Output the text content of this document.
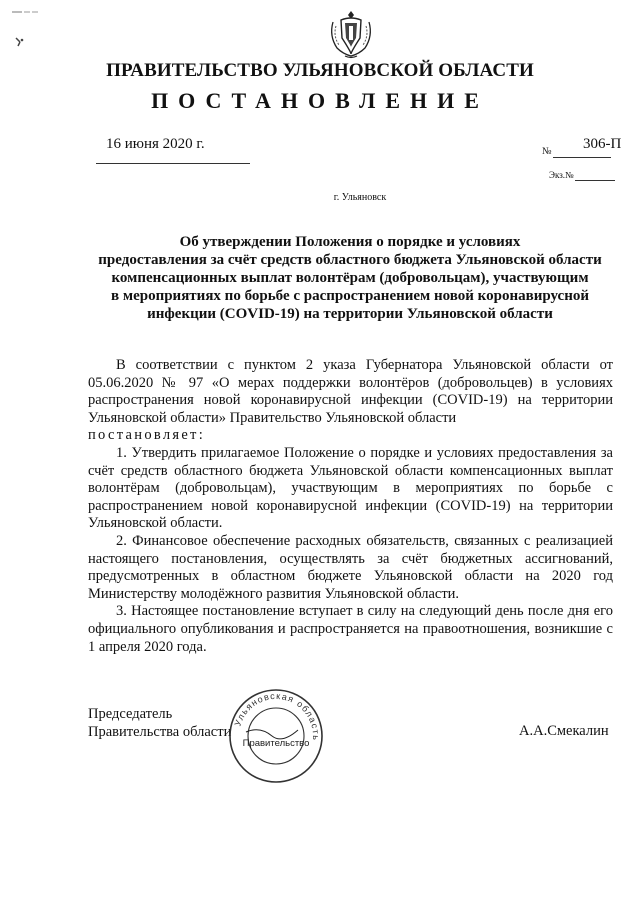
ПРАВИТЕЛЬСТВО УЛЬЯНОВСКОЙ ОБЛАСТИ
ПОСТАНОВЛЕНИЕ
16 июня 2020 г.	№ 306-П
Экз.№
г. Ульяновск
Об утверждении Положения о порядке и условиях
предоставления за счёт средств областного бюджета Ульяновской области
компенсационных выплат волонтёрам (добровольцам), участвующим
в мероприятиях по борьбе с распространением новой коронавирусной
инфекции (COVID-19) на территории Ульяновской области

В соответствии с пунктом 2 указа Губернатора Ульяновской области от 05.06.2020 № 97 «О мерах поддержки волонтёров (добровольцев) в условиях распространения новой коронавирусной инфекции (COVID-19) на территории Ульяновской области» Правительство Ульяновской области
постановляет:

1. Утвердить прилагаемое Положение о порядке и условиях предоставления за счёт средств областного бюджета Ульяновской области компенсационных выплат волонтёрам (добровольцам), участвующим в мероприятиях по борьбе с распространением новой коронавирусной инфекции (COVID-19) на территории Ульяновской области.

2. Финансовое обеспечение расходных обязательств, связанных с реализацией настоящего постановления, осуществлять за счёт бюджетных ассигнований, предусмотренных в областном бюджете Ульяновской области на 2020 год Министерству молодёжного развития Ульяновской области.

3. Настоящее постановление вступает в силу на следующий день после дня его официального опубликования и распространяется на правоотношения, возникшие с 1 апреля 2020 года.

Председатель
Правительства области
Ульяновская область
Правительство
А.А.Смекалин
